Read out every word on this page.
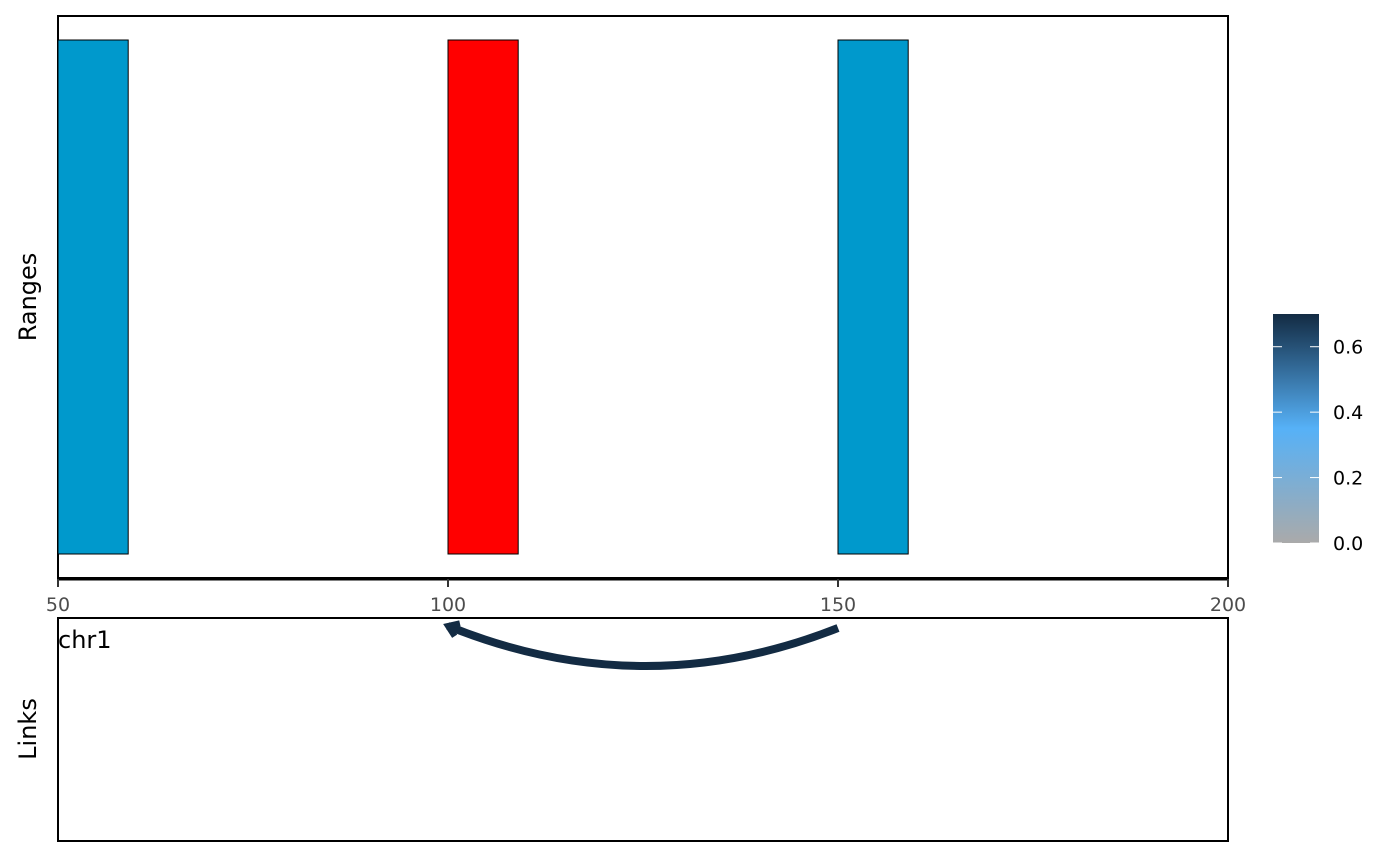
Ranges
50	100	150	200
chr1
Links
0.0
0.2
0.4
0.6
